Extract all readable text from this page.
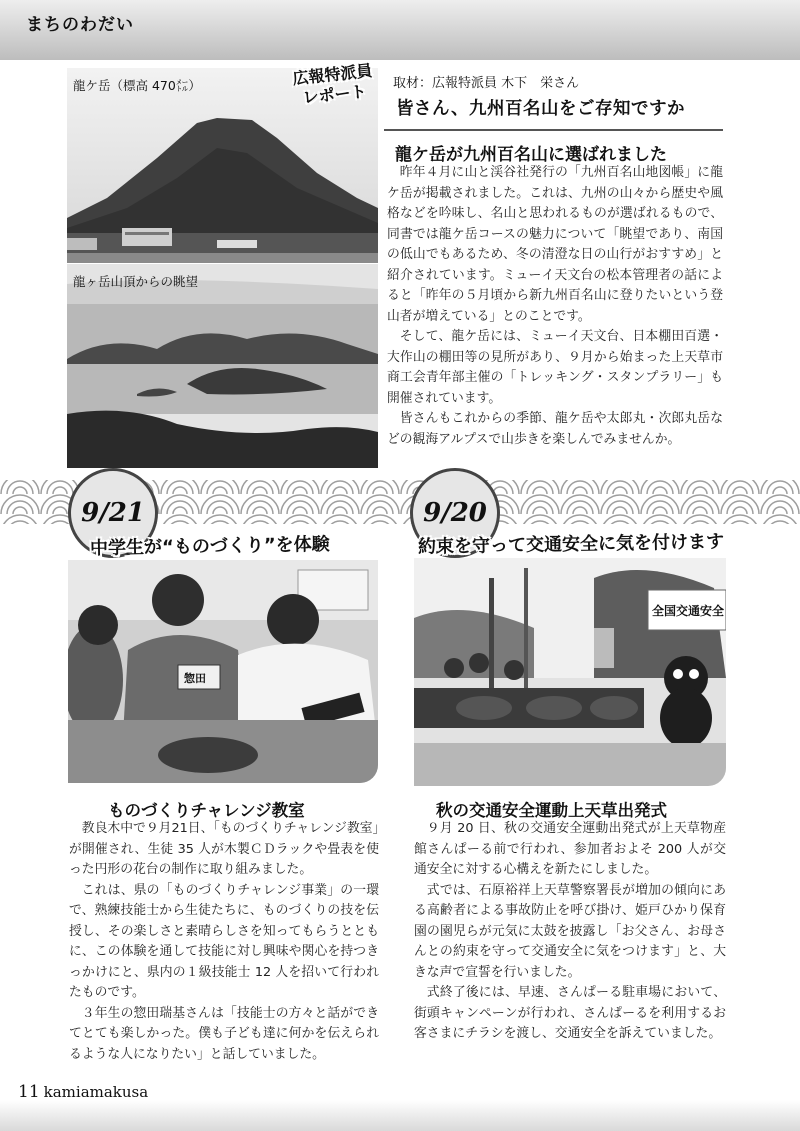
まちのわだい
龍ケ岳（標高 470㍍）
龍ヶ岳山頂からの眺望
広報特派員
レポート	取材：広報特派員 木下　栄さん
皆さん、九州百名山をご存知ですか
龍ケ岳が九州百名山に選ばれました

昨年４月に山と渓谷社発行の「九州百名山地図帳」に龍ケ岳が掲載されました。これは、九州の山々から歴史や風格などを吟味し、名山と思われるものが選ばれるもので、同書では龍ケ岳コースの魅力について「眺望であり、南国の低山でもあるため、冬の清澄な日の山行がおすすめ」と紹介されています。ミューイ天文台の松本管理者の話によると「昨年の５月頃から新九州百名山に登りたいという登山者が増えている」とのことです。

そして、龍ケ岳には、ミューイ天文台、日本棚田百選・大作山の棚田等の見所があり、９月から始まった上天草市商工会青年部主催の「トレッキング・スタンプラリー」も開催されています。

皆さんもこれからの季節、龍ケ岳や太郎丸・次郎丸岳などの観海アルプスで山歩きを楽しんでみませんか。

9/21
惣田
中学生が“ものづくり”を体験
ものづくりチャレンジ教室

教良木中で９月21日、「ものづくりチャレンジ教室」が開催され、生徒 35 人が木製ＣＤラックや畳表を使った円形の花台の制作に取り組みました。

これは、県の「ものづくりチャレンジ事業」の一環で、熟練技能士から生徒たちに、ものづくりの技を伝授し、その楽しさと素晴らしさを知ってもらうとともに、この体験を通して技能に対し興味や関心を持つきっかけにと、県内の１級技能士 12 人を招いて行われたものです。

３年生の惣田瑞基さんは「技能士の方々と話ができてとても楽しかった。僕も子ども達に何かを伝えられるような人になりたい」と話していました。

9/20
全国交通安全
約束を守って交通安全に気を付けます
秋の交通安全運動上天草出発式

９月 20 日、秋の交通安全運動出発式が上天草物産館さんぱーる前で行われ、参加者およそ 200 人が交通安全に対する心構えを新たにしました。

式では、石原裕祥上天草警察署長が増加の傾向にある高齢者による事故防止を呼び掛け、姫戸ひかり保育園の園児らが元気に太鼓を披露し「お父さん、お母さんとの約束を守って交通安全に気をつけます」と、大きな声で宣誓を行いました。

式終了後には、早速、さんぱーる駐車場において、街頭キャンペーンが行われ、さんぱーるを利用するお客さまにチラシを渡し、交通安全を訴えていました。

11 kamiamakusa
